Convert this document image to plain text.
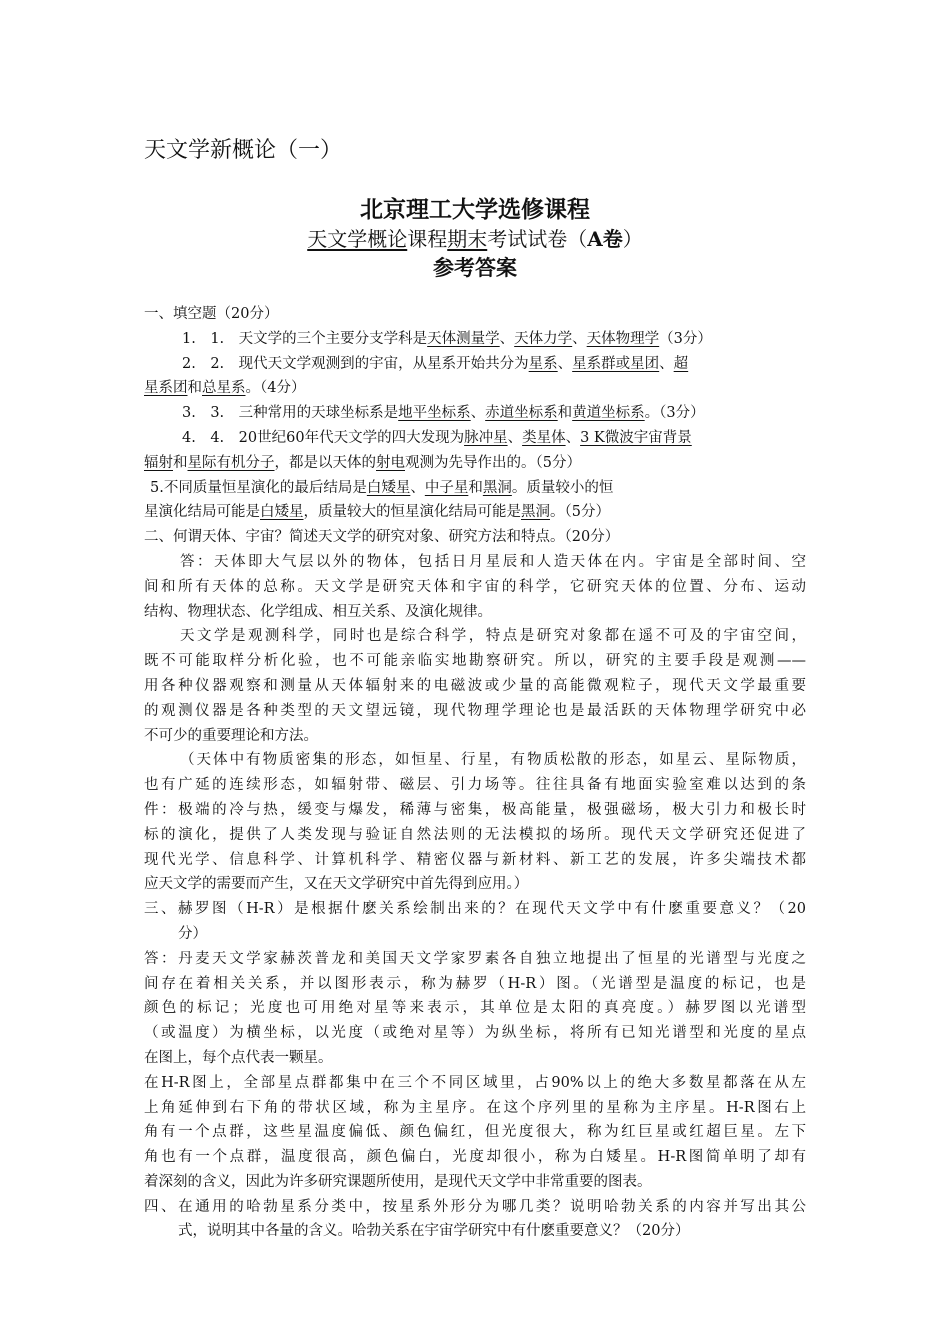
天文学新概论（一）
北京理工大学选修课程
天文学概论课程期末考试试卷（A卷）
参考答案
一、填空题（20分）
1.　1.　天文学的三个主要分支学科是天体测量学、天体力学、天体物理学（3分）
2.　2.　现代天文学观测到的宇宙，从星系开始共分为星系、星系群或星团、超
星系团和总星系。（4分）
3.　3.　三种常用的天球坐标系是地平坐标系、赤道坐标系和黄道坐标系。（3分）
4.　4.　20世纪60年代天文学的四大发现为脉冲星、类星体、3 K微波宇宙背景
辐射和星际有机分子，都是以天体的射电观测为先导作出的。（5分）
5.不同质量恒星演化的最后结局是白矮星、中子星和黑洞。质量较小的恒
星演化结局可能是白矮星，质量较大的恒星演化结局可能是黑洞。（5分）
二、何谓天体、宇宙？简述天文学的研究对象、研究方法和特点。（20分）
答：天体即大气层以外的物体，包括日月星辰和人造天体在内。宇宙是全部时间、空
间和所有天体的总称。天文学是研究天体和宇宙的科学，它研究天体的位置、分布、运动
结构、物理状态、化学组成、相互关系、及演化规律。
天文学是观测科学，同时也是综合科学，特点是研究对象都在遥不可及的宇宙空间，
既不可能取样分析化验，也不可能亲临实地勘察研究。所以，研究的主要手段是观测——
用各种仪器观察和测量从天体辐射来的电磁波或少量的高能微观粒子，现代天文学最重要
的观测仪器是各种类型的天文望远镜，现代物理学理论也是最活跃的天体物理学研究中必
不可少的重要理论和方法。
（天体中有物质密集的形态，如恒星、行星，有物质松散的形态，如星云、星际物质，
也有广延的连续形态，如辐射带、磁层、引力场等。往往具备有地面实验室难以达到的条
件：极端的冷与热，缓变与爆发，稀薄与密集，极高能量，极强磁场，极大引力和极长时
标的演化，提供了人类发现与验证自然法则的无法模拟的场所。现代天文学研究还促进了
现代光学、信息科学、计算机科学、精密仪器与新材料、新工艺的发展，许多尖端技术都
应天文学的需要而产生，又在天文学研究中首先得到应用。）
三、赫罗图（H-R）是根据什麽关系绘制出来的？在现代天文学中有什麽重要意义？（20
分）
答：丹麦天文学家赫茨普龙和美国天文学家罗素各自独立地提出了恒星的光谱型与光度之
间存在着相关关系，并以图形表示，称为赫罗（H-R）图。（光谱型是温度的标记，也是
颜色的标记；光度也可用绝对星等来表示，其单位是太阳的真亮度。）赫罗图以光谱型
（或温度）为横坐标，以光度（或绝对星等）为纵坐标，将所有已知光谱型和光度的星点
在图上，每个点代表一颗星。
在H-R图上，全部星点群都集中在三个不同区域里，占90%以上的绝大多数星都落在从左
上角延伸到右下角的带状区域，称为主星序。在这个序列里的星称为主序星。H-R图右上
角有一个点群，这些星温度偏低、颜色偏红，但光度很大，称为红巨星或红超巨星。左下
角也有一个点群，温度很高，颜色偏白，光度却很小，称为白矮星。H-R图简单明了却有
着深刻的含义，因此为许多研究课题所使用，是现代天文学中非常重要的图表。
四、在通用的哈勃星系分类中，按星系外形分为哪几类？说明哈勃关系的内容并写出其公
式，说明其中各量的含义。哈勃关系在宇宙学研究中有什麽重要意义？（20分）
